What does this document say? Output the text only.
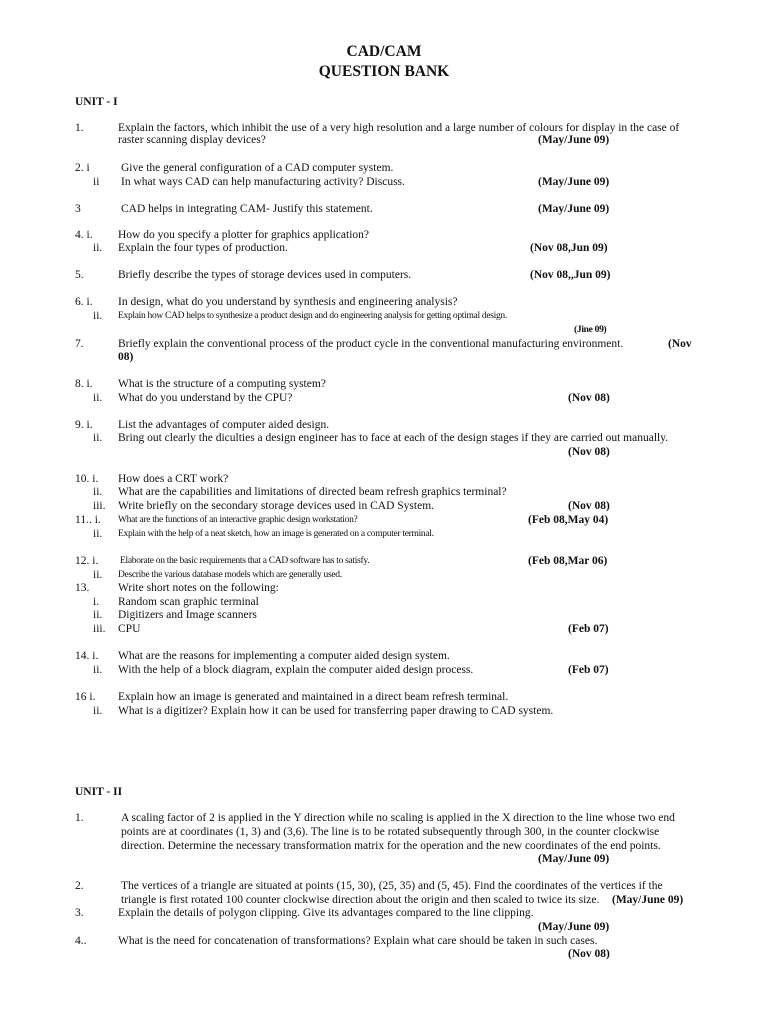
CAD/CAM
QUESTION BANK
UNIT - I
1.	Explain the factors, which inhibit the use of a very high resolution and a large number of colours for display in the case of
raster scanning display devices?	(May/June 09)
2. i	Give the general configuration of a CAD computer system.
ii In what ways CAD can help manufacturing activity? Discuss.	(May/June 09)
3	CAD helps in integrating CAM- Justify this statement.	(May/June 09)
4. i. How do you specify a plotter for graphics application?
ii. Explain the four types of production.	(Nov 08,Jun 09)
5.	Briefly describe the types of storage devices used in computers.	(Nov 08,,Jun 09)
6. i. In design, what do you understand by synthesis and engineering analysis?
ii. Explain how CAD helps to synthesize a product design and do engineering analysis for getting optimal design.
(Jine 09)
7.	Briefly explain the conventional process of the product cycle in the conventional manufacturing environment.	(Nov
08)
8. i. What is the structure of a computing system?
ii. What do you understand by the CPU?	(Nov 08)
9. i. List the advantages of computer aided design.
ii. Bring out clearly the diculties a design engineer has to face at each of the design stages if they are carried out manually.
(Nov 08)
10. i. How does a CRT work?
ii. What are the capabilities and limitations of directed beam refresh graphics terminal?
iii. Write briefly on the secondary storage devices used in CAD System.	(Nov 08)
11.. i. What are the functions of an interactive graphic design workstation?	(Feb 08,May 04)
ii. Explain with the help of a neat sketch, how an image is generated on a computer terminal.
12. i. Elaborate on the basic requirements that a CAD software has to satisfy.	(Feb 08,Mar 06)
ii. Describe the various database models which are generally used.
13. Write short notes on the following:
i. Random scan graphic terminal
ii. Digitizers and Image scanners
iii. CPU	(Feb 07)
14. i. What are the reasons for implementing a computer aided design system.
ii. With the help of a block diagram, explain the computer aided design process.	(Feb 07)
16 i. Explain how an image is generated and maintained in a direct beam refresh terminal.
ii. What is a digitizer? Explain how it can be used for transferring paper drawing to CAD system.
UNIT - II
1.	A scaling factor of 2 is applied in the Y direction while no scaling is applied in the X direction to the line whose two end
points are at coordinates (1, 3) and (3,6). The line is to be rotated subsequently through 300, in the counter clockwise
direction. Determine the necessary transformation matrix for the operation and the new coordinates of the end points.
(May/June 09)
2.	The vertices of a triangle are situated at points (15, 30), (25, 35) and (5, 45). Find the coordinates of the vertices if the
triangle is first rotated 100 counter clockwise direction about the origin and then scaled to twice its size. (May/June 09)
3.	Explain the details of polygon clipping. Give its advantages compared to the line clipping.
(May/June 09)
4..	What is the need for concatenation of transformations? Explain what care should be taken in such cases.
(Nov 08)
